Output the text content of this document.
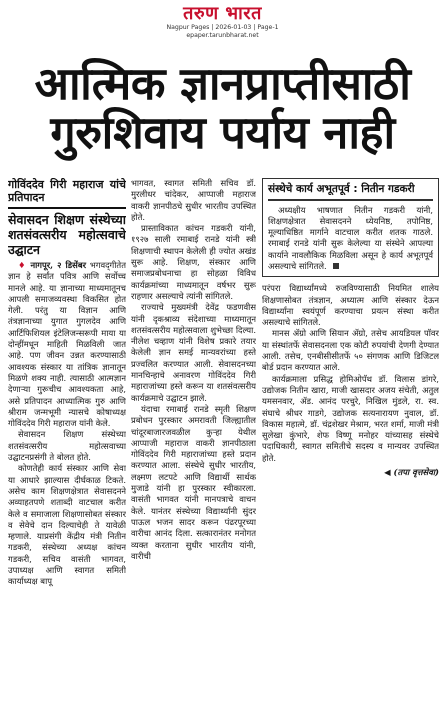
तरुण भारत
Nagpur Pages | 2026-01-03 | Page-1
epaper.tarunbharat.net
आत्मिक ज्ञानप्राप्तीसाठी
गुरुशिवाय पर्याय नाही
गोविंददेव गिरी महाराज यांचे प्रतिपादन
सेवासदन शिक्षण संस्थेच्या शतसंवत्सरीय महोत्सवाचे उद्घाटन

♦ नागपूर, २ डिसेंबर भगवद्‌गीतेत ज्ञान हे सर्वांत पवित्र आणि सर्वोच्च मानले आहे. या ज्ञानाच्या माध्यमातूनच आपली समाजव्यवस्था विकसित होत गेली. परंतु या विज्ञान आणि तंत्रज्ञानाच्या युगात गुगलदेव आणि आर्टिफिशियल इंटेलिजन्सरूपी माया या दोन्हींमधून माहिती मिळविली जात आहे. पण जीवन उन्नत करण्यासाठी आवश्यक संस्कार या तांत्रिक ज्ञानातून मिळणे शक्य नाही. त्यासाठी आत्मज्ञान देणाऱ्या गुरूचीच आवश्यकता आहे, असे प्रतिपादन आध्यात्मिक गुरु आणि श्रीराम जन्मभूमी न्यासचे कोषाध्यक्ष गोविंददेव गिरी महाराज यांनी केले.

सेवासदन शिक्षण संस्थेच्या शतसंवत्सरीय महोत्सवाच्या उद्घाटनप्रसंगी ते बोलत होते.

कोणतेही कार्य संस्कार आणि सेवा या आधारे झाल्यास दीर्घकाळ टिकते. असेच काम शिक्षणक्षेत्रात सेवासदनने अव्याहतपणे शताब्दी वाटचाल करीत केले व समाजाला शिक्षणासोबत संस्कार व सेवेचे दान दिल्याचेही ते यावेळी म्हणाले. याप्रसंगी केंद्रीय मंत्री नितीन गडकरी, संस्थेच्या अध्यक्ष कांचन गडकरी, सचिव वासंती भागवत, उपाध्यक्ष आणि स्वागत समिती कार्याध्यक्ष बापू

भागवत, स्वागत समिती सचिव डॉ. मुरलीधर चांदेकर, आप्पाजी महाराज वाकरी ज्ञानपीठचे सुधीर भारतीय उपस्थित होते.

प्रास्ताविकात कांचन गडकरी यांनी, १९२७ साली रमाबाई रानडे यांनी स्त्री शिक्षणाची स्थापन केलेली ही ज्योत अखंड सुरू आहे. शिक्षण, संस्कार आणि समाजप्रबोधनाचा हा सोहळा विविध कार्यक्रमांच्या माध्यमातून वर्षभर सुरू राहणार असल्याचे त्यांनी सांगितले.

राज्याचे मुख्यमंत्री देवेंद्र फडणवीस यांनी दृकश्राव्य संदेशाच्या माध्यमातून शतसंवत्सरीय महोत्सवाला शुभेच्छा दिल्या. नीलेश चव्हाण यांनी विशेष प्रकारे तयार केलेली ज्ञान समई मान्यवरांच्या हस्ते प्रज्वलित करण्यात आली. सेवासदनच्या मानचिन्हाचे अनावरण गोविंददेव गिरी महाराजांच्या हस्ते करून या शतसंवत्सरीय कार्यक्रमाचे उद्घाटन झाले.

यंदाचा रमाबाई रानडे स्मृती शिक्षण प्रबोधन पुरस्कार अमरावती जिल्ह्यातील चांदूरबाजारजवळील कुऱ्हा येथील आप्पाजी महाराज वाकरी ज्ञानपीठाला गोविंददेव गिरी महाराजांच्या हस्ते प्रदान करण्यात आला. संस्थेचे सुधीर भारतीय, लक्ष्मण लटपटे आणि विद्यार्थी सार्थक मुजाडे यांनी हा पुरस्कार स्वीकारला. वासंती भागवत यांनी मानपत्राचे वाचन केले. यानंतर संस्थेच्या विद्यार्थ्यांनी सुंदर पाऊल भजन सादर करून पंढरपूरच्या वारीचा आनंद दिला. सत्कारानंतर मनोगत व्यक्त करताना सुधीर भारतीय यांनी, वारीची

संस्थेचे कार्य अभूतपूर्व : नितीन गडकरी

अध्यक्षीय भाषणात नितीन गडकरी यांनी, शिक्षणक्षेत्रात सेवासदनने ध्येयनिष्ठ, तपोनिष्ठ, मूल्याधिष्ठित मार्गाने वाटचाल करीत शतक गाठले. रमाबाई रानडे यांनी सुरू केलेल्या या संस्थेने आपल्या कार्याने नावलौकिक मिळविला असून हे कार्य अभूतपूर्व असल्याचे सांगितले.

परंपरा विद्यार्थ्यांमध्ये रुजविण्यासाठी नियमित शालेय शिक्षणासोबत तंत्रज्ञान, अध्यात्म आणि संस्कार देऊन विद्यार्थ्यांना स्वयंपूर्ण करण्याचा प्रयत्न संस्था करीत असल्याचे सांगितले.

मानस ॲग्रो आणि सियान ॲग्रो, तसेच आयडियल पॉवर या संस्थांतर्फे सेवासदनला एक कोटी रुपयांची देणगी देण्यात आली. तसेच, एनबीसीसीतर्फे ५० संगणक आणि डिजिटल बोर्ड प्रदान करण्यात आले.

कार्यक्रमाला प्रसिद्ध होमिओपॅथ डॉ. विलास डांगरे, उद्योजक नितीन खारा, माजी खासदार अजय संचेती, अतुल यमसनवार, ॲड. आनंद परचुरे, निखिल मुंडले, रा. स्व. संघाचे श्रीधर गाडगे, उद्योजक सत्यनारायण नुवाल, डॉ. विकास महात्मे, डॉ. चंद्रशेखर मेश्राम, भरत शर्मा, माजी मंत्री सुलेखा कुंभारे, शेफ विष्णू मनोहर यांच्यासह संस्थेचे पदाधिकारी, स्वागत समितीचे सदस्य व मान्यवर उपस्थित होते.

◀ (तपा वृत्तसेवा)
